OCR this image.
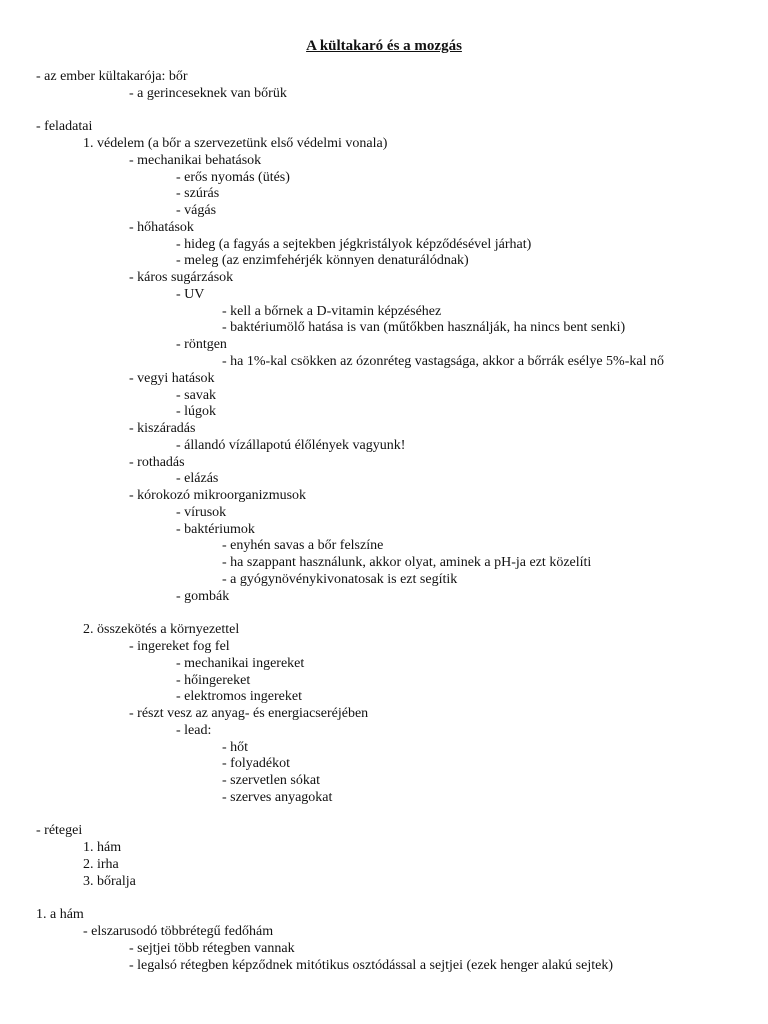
A kültakaró és a mozgás
- az ember kültakarója: bőr
- a gerinceseknek van bőrük
- feladatai
1. védelem (a bőr a szervezetünk első védelmi vonala)
- mechanikai behatások
- erős nyomás (ütés)
- szúrás
- vágás
- hőhatások
- hideg (a fagyás a sejtekben jégkristályok képződésével járhat)
- meleg (az enzimfehérjék könnyen denaturálódnak)
- káros sugárzások
- UV
- kell a bőrnek a D-vitamin képzéséhez
- baktériumölő hatása is van (műtőkben használják, ha nincs bent senki)
- röntgen
- ha 1%-kal csökken az ózonréteg vastagsága, akkor a bőrrák esélye 5%-kal nő
- vegyi hatások
- savak
- lúgok
- kiszáradás
- állandó vízállapotú élőlények vagyunk!
- rothadás
- elázás
- kórokozó mikroorganizmusok
- vírusok
- baktériumok
- enyhén savas a bőr felszíne
- ha szappant használunk, akkor olyat, aminek a pH-ja ezt közelíti
- a gyógynövénykivonatosak is ezt segítik
- gombák
2. összekötés a környezettel
- ingereket fog fel
- mechanikai ingereket
- hőingereket
- elektromos ingereket
- részt vesz az anyag- és energiacseréjében
- lead:
- hőt
- folyadékot
- szervetlen sókat
- szerves anyagokat
- rétegei
1. hám
2. irha
3. bőralja
1. a hám
- elszarusodó többrétegű fedőhám
- sejtjei több rétegben vannak
- legalsó rétegben képződnek mitótikus osztódással a sejtjei (ezek henger alakú sejtek)
